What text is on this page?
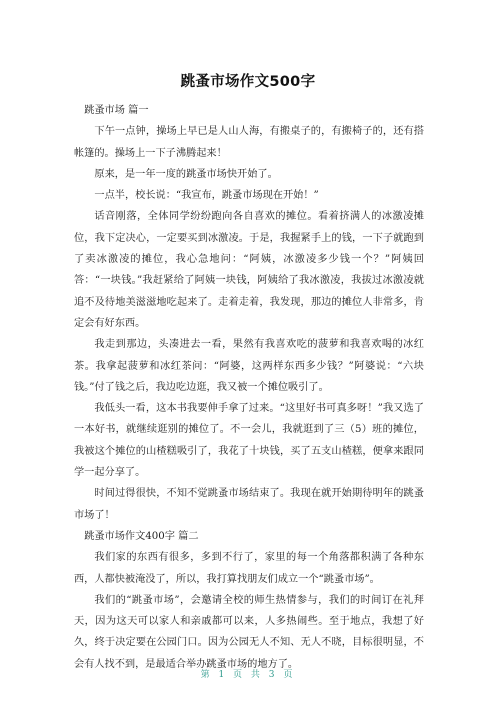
跳蚤市场作文500字

跳蚤市场 篇一

下午一点钟，操场上早已是人山人海，有搬桌子的，有搬椅子的，还有搭帐篷的。操场上一下子沸腾起来！

原来，是一年一度的跳蚤市场快开始了。

一点半，校长说：“我宣布，跳蚤市场现在开始！”

话音刚落，全体同学纷纷跑向各自喜欢的摊位。看着挤满人的冰激凌摊位，我下定决心，一定要买到冰激凌。于是，我握紧手上的钱，一下子就跑到了卖冰激凌的摊位，我心急地问：“阿姨，冰激凌多少钱一个？”阿姨回答：“一块钱。”我赶紧给了阿姨一块钱，阿姨给了我冰激凌，我拔过冰激凌就追不及待地美滋滋地吃起来了。走着走着，我发现，那边的摊位人非常多，肯定会有好东西。

我走到那边，头凑进去一看，果然有我喜欢吃的菠萝和我喜欢喝的冰红茶。我拿起菠萝和冰红茶问：“阿婆，这两样东西多少钱？”阿婆说：“六块钱。”付了钱之后，我边吃边逛，我又被一个摊位吸引了。

我低头一看，这本书我要伸手拿了过来。“这里好书可真多呀！”我又选了一本好书，就继续逛别的摊位了。不一会儿，我就逛到了三（5）班的摊位，我被这个摊位的山楂糕吸引了，我花了十块钱，买了五支山楂糕，便拿来跟同学一起分享了。

时间过得很快，不知不觉跳蚤市场结束了。我现在就开始期待明年的跳蚤市场了！

跳蚤市场作文400字 篇二

我们家的东西有很多，多到不行了，家里的每一个角落都积满了各种东西，人都快被淹没了，所以，我打算找朋友们成立一个“跳蚤市场”。

我们的“跳蚤市场”，会邀请全校的师生热情参与，我们的时间订在礼拜天，因为这天可以家人和亲戚都可以来，人多热闹些。至于地点，我想了好久，终于决定要在公园门口。因为公园无人不知、无人不晓，目标很明显，不会有人找不到，是最适合举办跳蚤市场的地方了。

第 1 页 共 3 页
